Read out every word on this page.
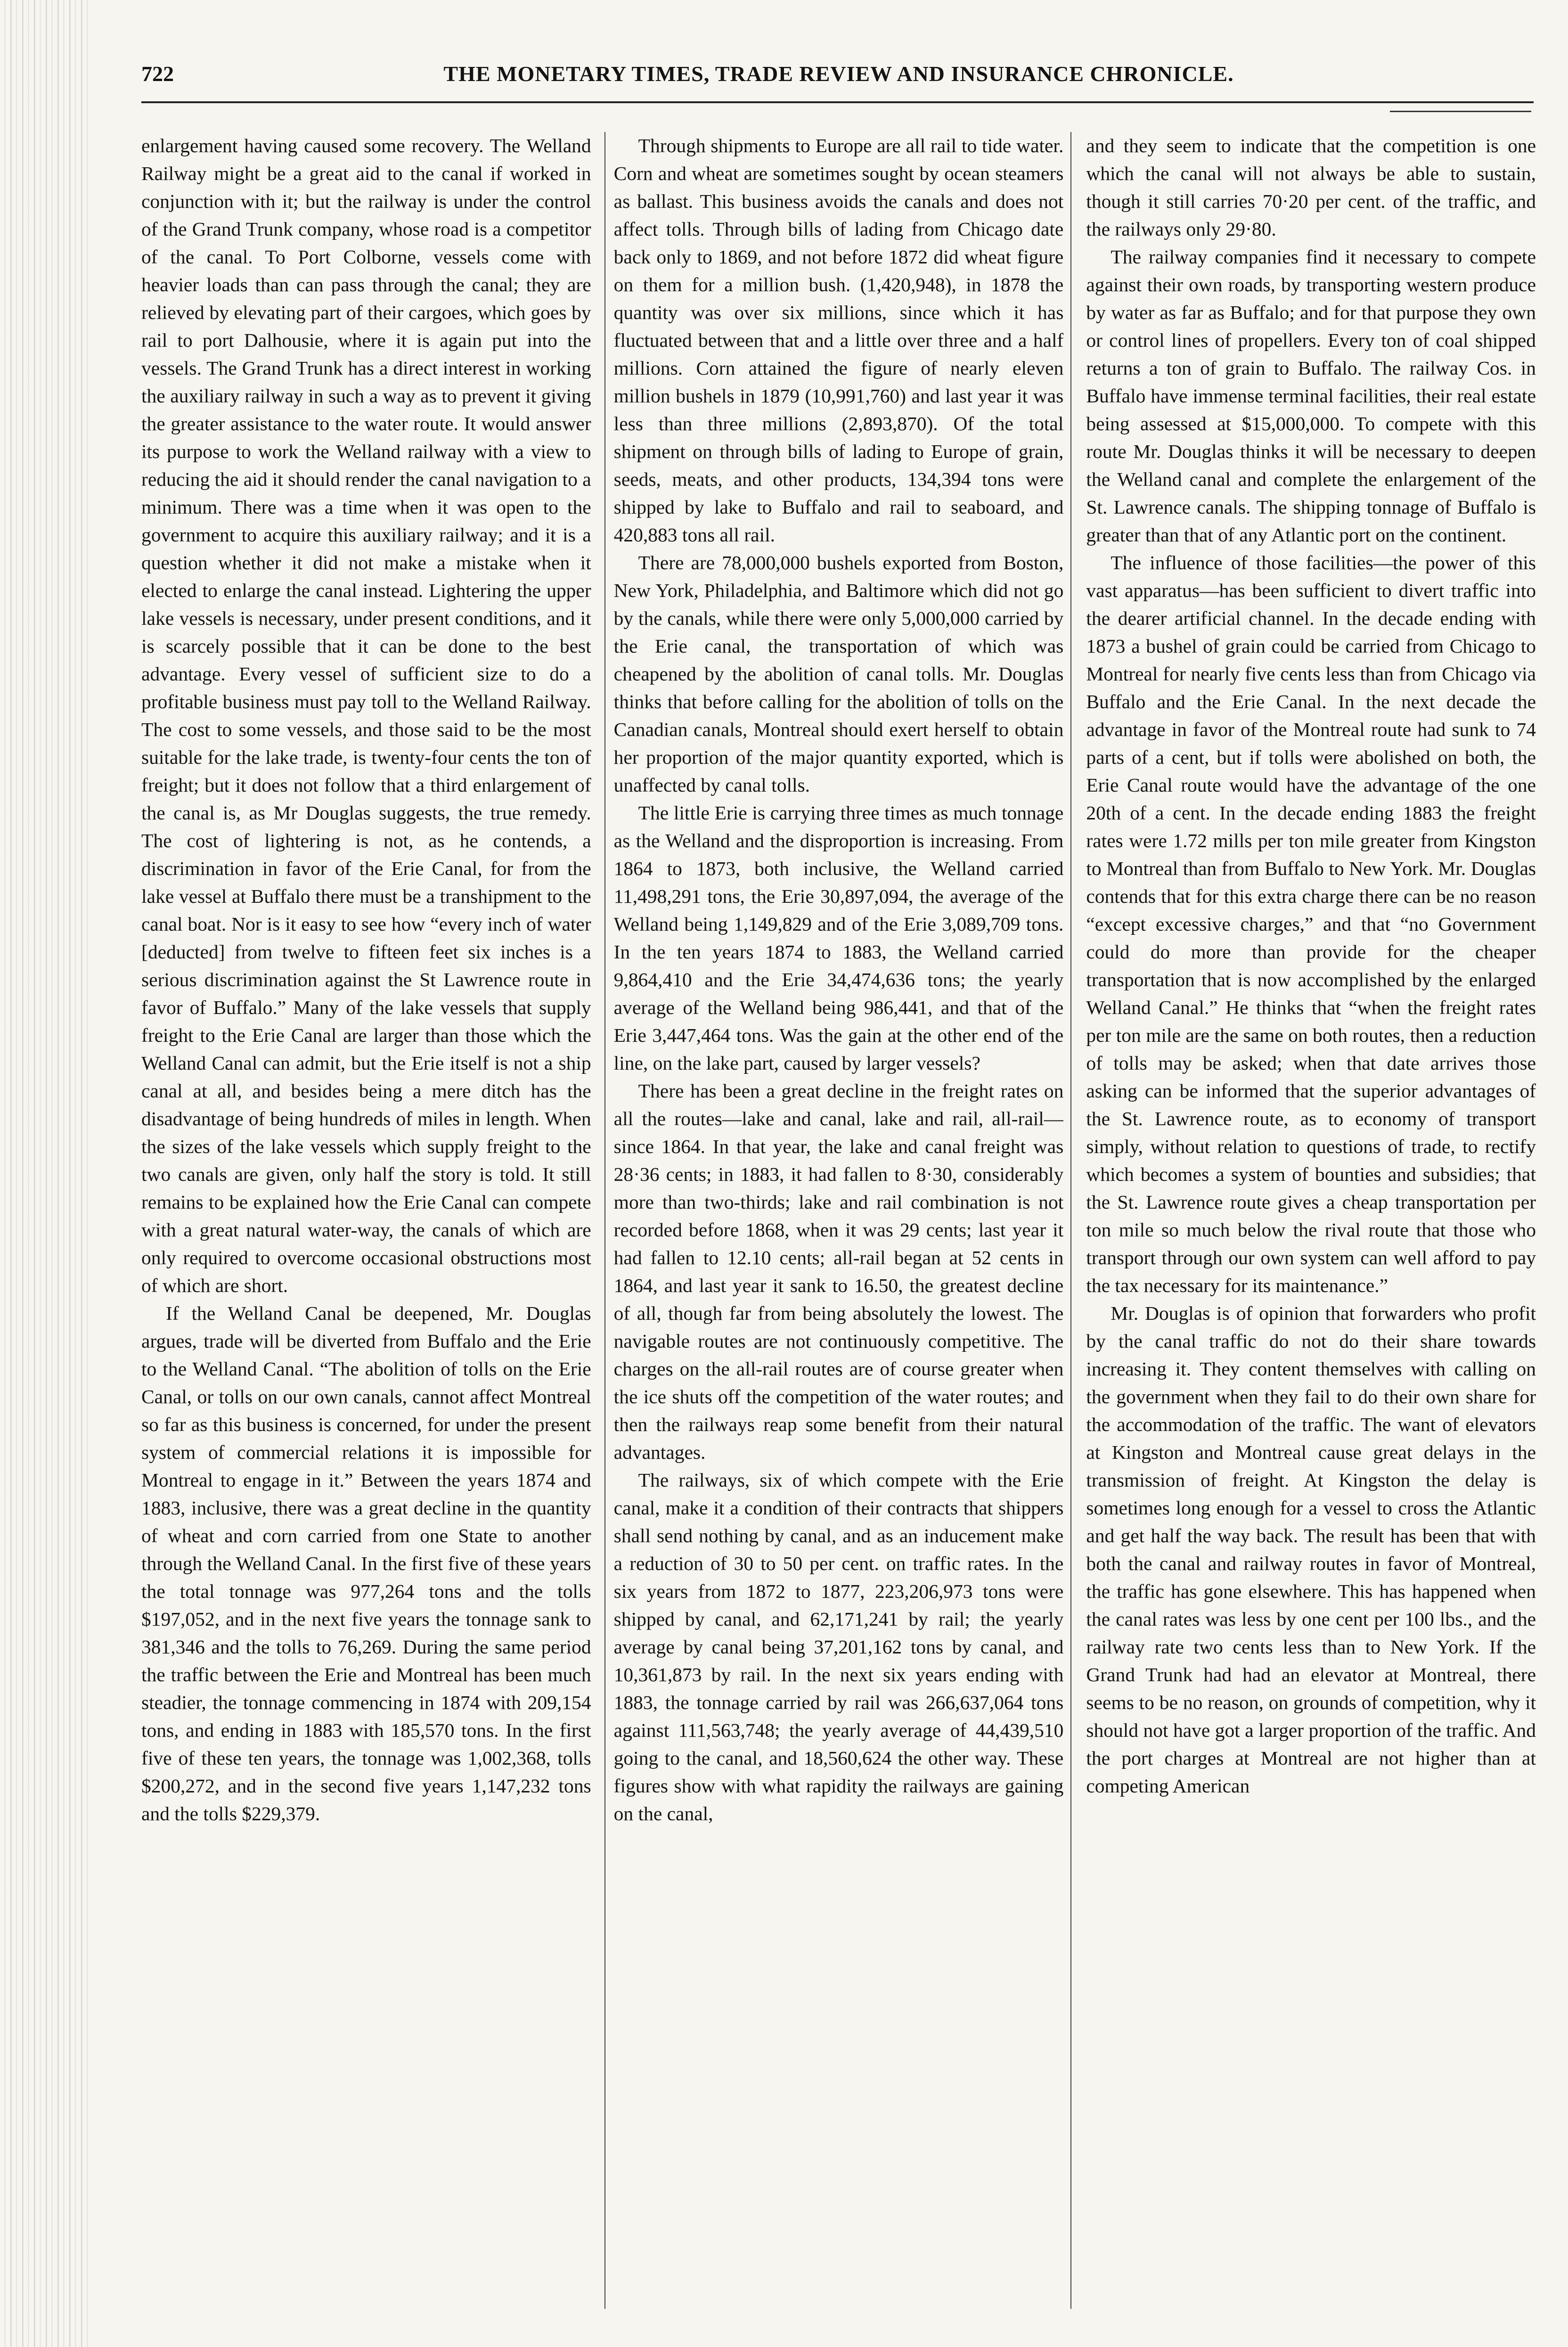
722	THE MONETARY TIMES, TRADE REVIEW AND INSURANCE CHRONICLE.

enlargement having caused some recovery. The Welland Railway might be a great aid to the canal if worked in conjunction with it; but the railway is under the control of the Grand Trunk company, whose road is a competitor of the canal. To Port Colborne, vessels come with heavier loads than can pass through the canal; they are relieved by elevating part of their cargoes, which goes by rail to port Dalhousie, where it is again put into the vessels. The Grand Trunk has a direct interest in working the auxiliary railway in such a way as to prevent it giving the greater assistance to the water route. It would answer its purpose to work the Welland railway with a view to reducing the aid it should render the canal navigation to a minimum. There was a time when it was open to the government to acquire this auxiliary railway; and it is a question whether it did not make a mistake when it elected to enlarge the canal instead. Lightering the upper lake vessels is necessary, under present conditions, and it is scarcely possible that it can be done to the best advantage. Every vessel of sufficient size to do a profitable business must pay toll to the Welland Railway. The cost to some vessels, and those said to be the most suitable for the lake trade, is twenty-four cents the ton of freight; but it does not follow that a third enlargement of the canal is, as Mr Douglas suggests, the true remedy. The cost of lightering is not, as he contends, a discrimination in favor of the Erie Canal, for from the lake vessel at Buffalo there must be a transhipment to the canal boat. Nor is it easy to see how “every inch of water [deducted] from twelve to fifteen feet six inches is a serious discrimination against the St Lawrence route in favor of Buffalo.” Many of the lake vessels that supply freight to the Erie Canal are larger than those which the Welland Canal can admit, but the Erie itself is not a ship canal at all, and besides being a mere ditch has the disadvantage of being hundreds of miles in length. When the sizes of the lake vessels which supply freight to the two canals are given, only half the story is told. It still remains to be explained how the Erie Canal can compete with a great natural water-way, the canals of which are only required to overcome occasional obstructions most of which are short.

If the Welland Canal be deepened, Mr. Douglas argues, trade will be diverted from Buffalo and the Erie to the Welland Canal. “The abolition of tolls on the Erie Canal, or tolls on our own canals, cannot affect Montreal so far as this business is concerned, for under the present system of commercial relations it is impossible for Montreal to engage in it.” Between the years 1874 and 1883, inclusive, there was a great decline in the quantity of wheat and corn carried from one State to another through the Welland Canal. In the first five of these years the total tonnage was 977,264 tons and the tolls $197,052, and in the next five years the tonnage sank to 381,346 and the tolls to 76,269. During the same period the traffic between the Erie and Montreal has been much steadier, the tonnage commencing in 1874 with 209,154 tons, and ending in 1883 with 185,570 tons. In the first five of these ten years, the tonnage was 1,002,368, tolls $200,272, and in the second five years 1,147,232 tons and the tolls $229,379.

Through shipments to Europe are all rail to tide water. Corn and wheat are sometimes sought by ocean steamers as ballast. This business avoids the canals and does not affect tolls. Through bills of lading from Chicago date back only to 1869, and not before 1872 did wheat figure on them for a million bush. (1,420,948), in 1878 the quantity was over six millions, since which it has fluctuated between that and a little over three and a half millions. Corn attained the figure of nearly eleven million bushels in 1879 (10,991,760) and last year it was less than three millions (2,893,870). Of the total shipment on through bills of lading to Europe of grain, seeds, meats, and other products, 134,394 tons were shipped by lake to Buffalo and rail to seaboard, and 420,883 tons all rail.

There are 78,000,000 bushels exported from Boston, New York, Philadelphia, and Baltimore which did not go by the canals, while there were only 5,000,000 carried by the Erie canal, the transportation of which was cheapened by the abolition of canal tolls. Mr. Douglas thinks that before calling for the abolition of tolls on the Canadian canals, Montreal should exert herself to obtain her proportion of the major quantity exported, which is unaffected by canal tolls.

The little Erie is carrying three times as much tonnage as the Welland and the disproportion is increasing. From 1864 to 1873, both inclusive, the Welland carried 11,498,291 tons, the Erie 30,897,094, the average of the Welland being 1,149,829 and of the Erie 3,089,709 tons. In the ten years 1874 to 1883, the Welland carried 9,864,410 and the Erie 34,474,636 tons; the yearly average of the Welland being 986,441, and that of the Erie 3,447,464 tons. Was the gain at the other end of the line, on the lake part, caused by larger vessels?

There has been a great decline in the freight rates on all the routes—lake and canal, lake and rail, all-rail—since 1864. In that year, the lake and canal freight was 28·36 cents; in 1883, it had fallen to 8·30, considerably more than two-thirds; lake and rail combination is not recorded before 1868, when it was 29 cents; last year it had fallen to 12.10 cents; all-rail began at 52 cents in 1864, and last year it sank to 16.50, the greatest decline of all, though far from being absolutely the lowest. The navigable routes are not continuously competitive. The charges on the all-rail routes are of course greater when the ice shuts off the competition of the water routes; and then the railways reap some benefit from their natural advantages.

The railways, six of which compete with the Erie canal, make it a condition of their contracts that shippers shall send nothing by canal, and as an inducement make a reduction of 30 to 50 per cent. on traffic rates. In the six years from 1872 to 1877, 223,206,973 tons were shipped by canal, and 62,171,241 by rail; the yearly average by canal being 37,201,162 tons by canal, and 10,361,873 by rail. In the next six years ending with 1883, the tonnage carried by rail was 266,637,064 tons against 111,563,748; the yearly average of 44,439,510 going to the canal, and 18,560,624 the other way. These figures show with what rapidity the railways are gaining on the canal,

and they seem to indicate that the competition is one which the canal will not always be able to sustain, though it still carries 70·20 per cent. of the traffic, and the railways only 29·80.

The railway companies find it necessary to compete against their own roads, by transporting western produce by water as far as Buffalo; and for that purpose they own or control lines of propellers. Every ton of coal shipped returns a ton of grain to Buffalo. The railway Cos. in Buffalo have immense terminal facilities, their real estate being assessed at $15,000,000. To compete with this route Mr. Douglas thinks it will be necessary to deepen the Welland canal and complete the enlargement of the St. Lawrence canals. The shipping tonnage of Buffalo is greater than that of any Atlantic port on the continent.

The influence of those facilities—the power of this vast apparatus—has been sufficient to divert traffic into the dearer artificial channel. In the decade ending with 1873 a bushel of grain could be carried from Chicago to Montreal for nearly five cents less than from Chicago via Buffalo and the Erie Canal. In the next decade the advantage in favor of the Montreal route had sunk to 74 parts of a cent, but if tolls were abolished on both, the Erie Canal route would have the advantage of the one 20th of a cent. In the decade ending 1883 the freight rates were 1.72 mills per ton mile greater from Kingston to Montreal than from Buffalo to New York. Mr. Douglas contends that for this extra charge there can be no reason “except excessive charges,” and that “no Government could do more than provide for the cheaper transportation that is now accomplished by the enlarged Welland Canal.” He thinks that “when the freight rates per ton mile are the same on both routes, then a reduction of tolls may be asked; when that date arrives those asking can be informed that the superior advantages of the St. Lawrence route, as to economy of transport simply, without relation to questions of trade, to rectify which becomes a system of bounties and subsidies; that the St. Lawrence route gives a cheap transportation per ton mile so much below the rival route that those who transport through our own system can well afford to pay the tax necessary for its maintenance.”

Mr. Douglas is of opinion that forwarders who profit by the canal traffic do not do their share towards increasing it. They content themselves with calling on the government when they fail to do their own share for the accommodation of the traffic. The want of elevators at Kingston and Montreal cause great delays in the transmission of freight. At Kingston the delay is sometimes long enough for a vessel to cross the Atlantic and get half the way back. The result has been that with both the canal and railway routes in favor of Montreal, the traffic has gone elsewhere. This has happened when the canal rates was less by one cent per 100 lbs., and the railway rate two cents less than to New York. If the Grand Trunk had had an elevator at Montreal, there seems to be no reason, on grounds of competition, why it should not have got a larger proportion of the traffic. And the port charges at Montreal are not higher than at competing American
